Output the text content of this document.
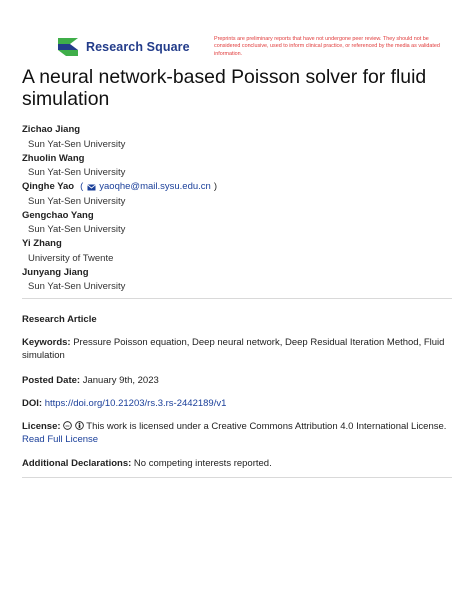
Research Square
Preprints are preliminary reports that have not undergone peer review. They should not be considered conclusive, used to inform clinical practice, or referenced by the media as validated information.
A neural network-based Poisson solver for fluid simulation
Zichao Jiang
Sun Yat-Sen University
Zhuolin Wang
Sun Yat-Sen University
Qinghe Yao ( yaoqhe@mail.sysu.edu.cn )
Sun Yat-Sen University
Gengchao Yang
Sun Yat-Sen University
Yi Zhang
University of Twente
Junyang Jiang
Sun Yat-Sen University
Research Article
Keywords: Pressure Poisson equation, Deep neural network, Deep Residual Iteration Method, Fluid simulation
Posted Date: January 9th, 2023
DOI: https://doi.org/10.21203/rs.3.rs-2442189/v1
License: cc This work is licensed under a Creative Commons Attribution 4.0 International License.
Read Full License
Additional Declarations: No competing interests reported.
